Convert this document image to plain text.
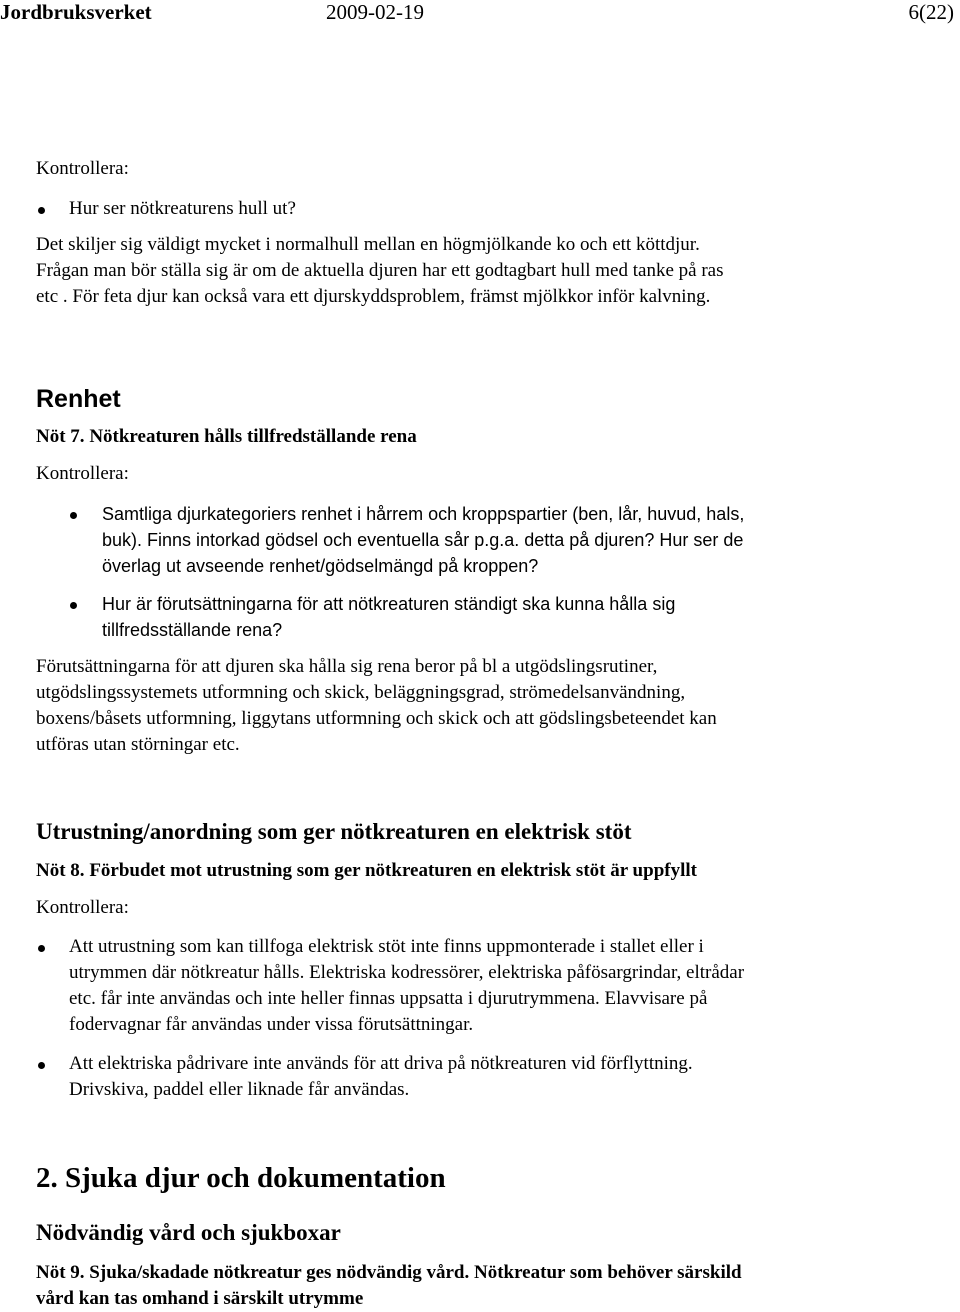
Jordbruksverket	2009-02-19	6(22)
Kontrollera:
Hur ser nötkreaturens hull ut?
Det skiljer sig väldigt mycket i normalhull mellan en högmjölkande ko och ett köttdjur.
Frågan man bör ställa sig är om de aktuella djuren har ett godtagbart hull med tanke på ras
etc . För feta djur kan också vara ett djurskyddsproblem, främst mjölkkor inför kalvning.
Renhet
Nöt 7. Nötkreaturen hålls tillfredställande rena
Kontrollera:
Samtliga djurkategoriers renhet i hårrem och kroppspartier (ben, lår, huvud, hals,
buk). Finns intorkad gödsel och eventuella sår p.g.a. detta på djuren? Hur ser de
överlag ut avseende renhet/gödselmängd på kroppen?
Hur är förutsättningarna för att nötkreaturen ständigt ska kunna hålla sig
tillfredsställande rena?
Förutsättningarna för att djuren ska hålla sig rena beror på bl a utgödslingsrutiner,
utgödslingssystemets utformning och skick, beläggningsgrad, strömedelsanvändning,
boxens/båsets utformning, liggytans utformning och skick och att gödslingsbeteendet kan
utföras utan störningar etc.
Utrustning/anordning som ger nötkreaturen en elektrisk stöt
Nöt 8. Förbudet mot utrustning som ger nötkreaturen en elektrisk stöt är uppfyllt
Kontrollera:
Att utrustning som kan tillfoga elektrisk stöt inte finns uppmonterade i stallet eller i
utrymmen där nötkreatur hålls. Elektriska kodressörer, elektriska påfösargrindar, eltrådar
etc. får inte användas och inte heller finnas uppsatta i djurutrymmena. Elavvisare på
fodervagnar får användas under vissa förutsättningar.
Att elektriska pådrivare inte används för att driva på nötkreaturen vid förflyttning.
Drivskiva, paddel eller liknade får användas.
2. Sjuka djur och dokumentation
Nödvändig vård och sjukboxar
Nöt 9. Sjuka/skadade nötkreatur ges nödvändig vård. Nötkreatur som behöver särskild
vård kan tas omhand i särskilt utrymme
